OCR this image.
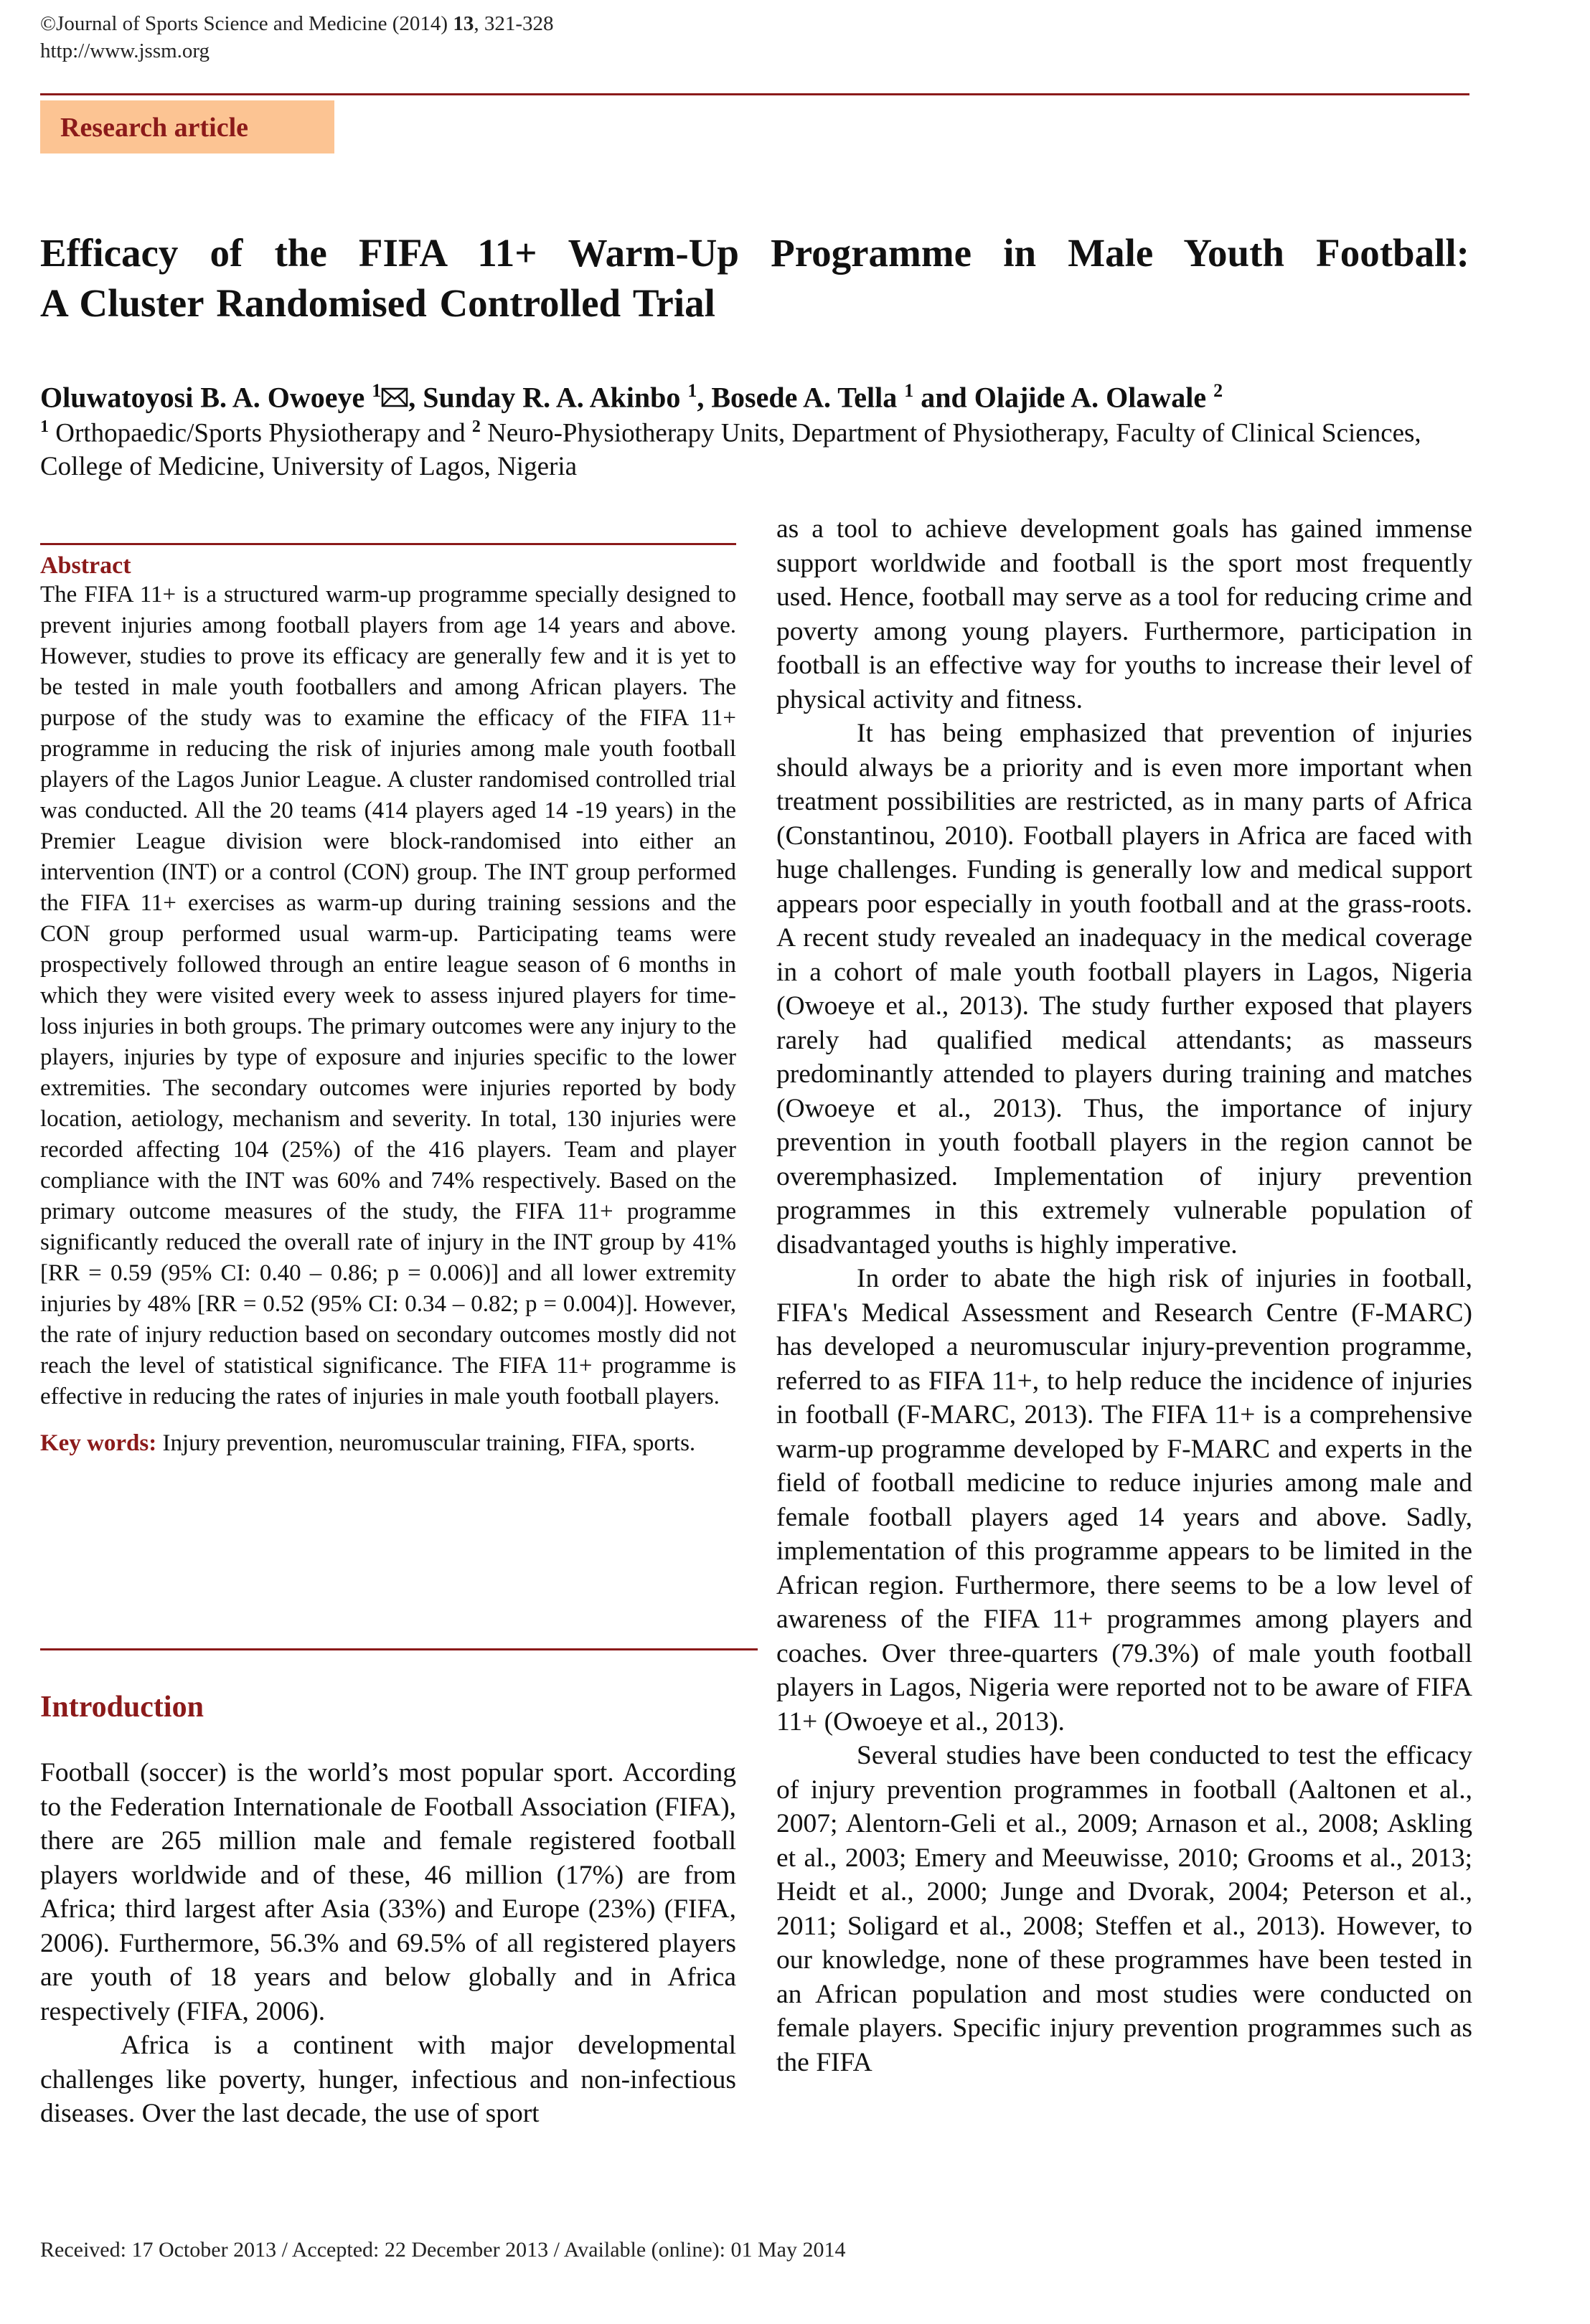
©Journal of Sports Science and Medicine (2014) 13, 321-328
http://www.jssm.org
Research article
Efficacy of the FIFA 11+ Warm-Up Programme in Male Youth Football:
A Cluster Randomised Controlled Trial
Oluwatoyosi B. A. Owoeye $^1$ , Sunday R. A. Akinbo $^1$, Bosede A. Tella $^1$ and Olajide A. Olawale $^2$
$^1$ Orthopaedic/Sports Physiotherapy and $^2$ Neuro-Physiotherapy Units, Department of Physiotherapy, Faculty of Clinical Sciences, College of Medicine, University of Lagos, Nigeria
Abstract

The FIFA 11+ is a structured warm-up programme specially designed to prevent injuries among football players from age 14 years and above. However, studies to prove its efficacy are generally few and it is yet to be tested in male youth footballers and among African players. The purpose of the study was to examine the efficacy of the FIFA 11+ programme in reducing the risk of injuries among male youth football players of the Lagos Junior League. A cluster randomised controlled trial was conducted. All the 20 teams (414 players aged 14 -19 years) in the Premier League division were block-randomised into either an intervention (INT) or a control (CON) group. The INT group performed the FIFA 11+ exercises as warm-up during training sessions and the CON group performed usual warm-up. Participating teams were prospectively followed through an entire league season of 6 months in which they were visited every week to assess injured players for time-loss injuries in both groups. The primary outcomes were any injury to the players, injuries by type of exposure and injuries specific to the lower extremities. The secondary outcomes were injuries reported by body location, aetiology, mechanism and severity. In total, 130 injuries were recorded affecting 104 (25%) of the 416 players. Team and player compliance with the INT was 60% and 74% respectively. Based on the primary outcome measures of the study, the FIFA 11+ programme significantly reduced the overall rate of injury in the INT group by 41% [RR = 0.59 (95% CI: 0.40 – 0.86; p = 0.006)] and all lower extremity injuries by 48% [RR = 0.52 (95% CI: 0.34 – 0.82; p = 0.004)]. However, the rate of injury reduction based on secondary outcomes mostly did not reach the level of statistical significance. The FIFA 11+ programme is effective in reducing the rates of injuries in male youth football players.

Key words: Injury prevention, neuromuscular training, FIFA, sports.

Introduction

Football (soccer) is the world’s most popular sport. According to the Federation Internationale de Football Association (FIFA), there are 265 million male and female registered football players worldwide and of these, 46 million (17%) are from Africa; third largest after Asia (33%) and Europe (23%) (FIFA, 2006). Furthermore, 56.3% and 69.5% of all registered players are youth of 18 years and below globally and in Africa respectively (FIFA, 2006).

Africa is a continent with major developmental challenges like poverty, hunger, infectious and non-infectious diseases. Over the last decade, the use of sport

as a tool to achieve development goals has gained immense support worldwide and football is the sport most frequently used. Hence, football may serve as a tool for reducing crime and poverty among young players. Furthermore, participation in football is an effective way for youths to increase their level of physical activity and fitness.

It has being emphasized that prevention of injuries should always be a priority and is even more important when treatment possibilities are restricted, as in many parts of Africa (Constantinou, 2010). Football players in Africa are faced with huge challenges. Funding is generally low and medical support appears poor especially in youth football and at the grass-roots. A recent study revealed an inadequacy in the medical coverage in a cohort of male youth football players in Lagos, Nigeria (Owoeye et al., 2013). The study further exposed that players rarely had qualified medical attendants; as masseurs predominantly attended to players during training and matches (Owoeye et al., 2013). Thus, the importance of injury prevention in youth football players in the region cannot be overemphasized. Implementation of injury prevention programmes in this extremely vulnerable population of disadvantaged youths is highly imperative.

In order to abate the high risk of injuries in football, FIFA's Medical Assessment and Research Centre (F-MARC) has developed a neuromuscular injury-prevention programme, referred to as FIFA 11+, to help reduce the incidence of injuries in football (F-MARC, 2013). The FIFA 11+ is a comprehensive warm-up programme developed by F-MARC and experts in the field of football medicine to reduce injuries among male and female football players aged 14 years and above. Sadly, implementation of this programme appears to be limited in the African region. Furthermore, there seems to be a low level of awareness of the FIFA 11+ programmes among players and coaches. Over three-quarters (79.3%) of male youth football players in Lagos, Nigeria were reported not to be aware of FIFA 11+ (Owoeye et al., 2013).

Several studies have been conducted to test the efficacy of injury prevention programmes in football (Aaltonen et al., 2007; Alentorn-Geli et al., 2009; Arnason et al., 2008; Askling et al., 2003; Emery and Meeuwisse, 2010; Grooms et al., 2013; Heidt et al., 2000; Junge and Dvorak, 2004; Peterson et al., 2011; Soligard et al., 2008; Steffen et al., 2013). However, to our knowledge, none of these programmes have been tested in an African population and most studies were conducted on female players. Specific injury prevention programmes such as the FIFA

Received: 17 October 2013 / Accepted: 22 December 2013 / Available (online): 01 May 2014
